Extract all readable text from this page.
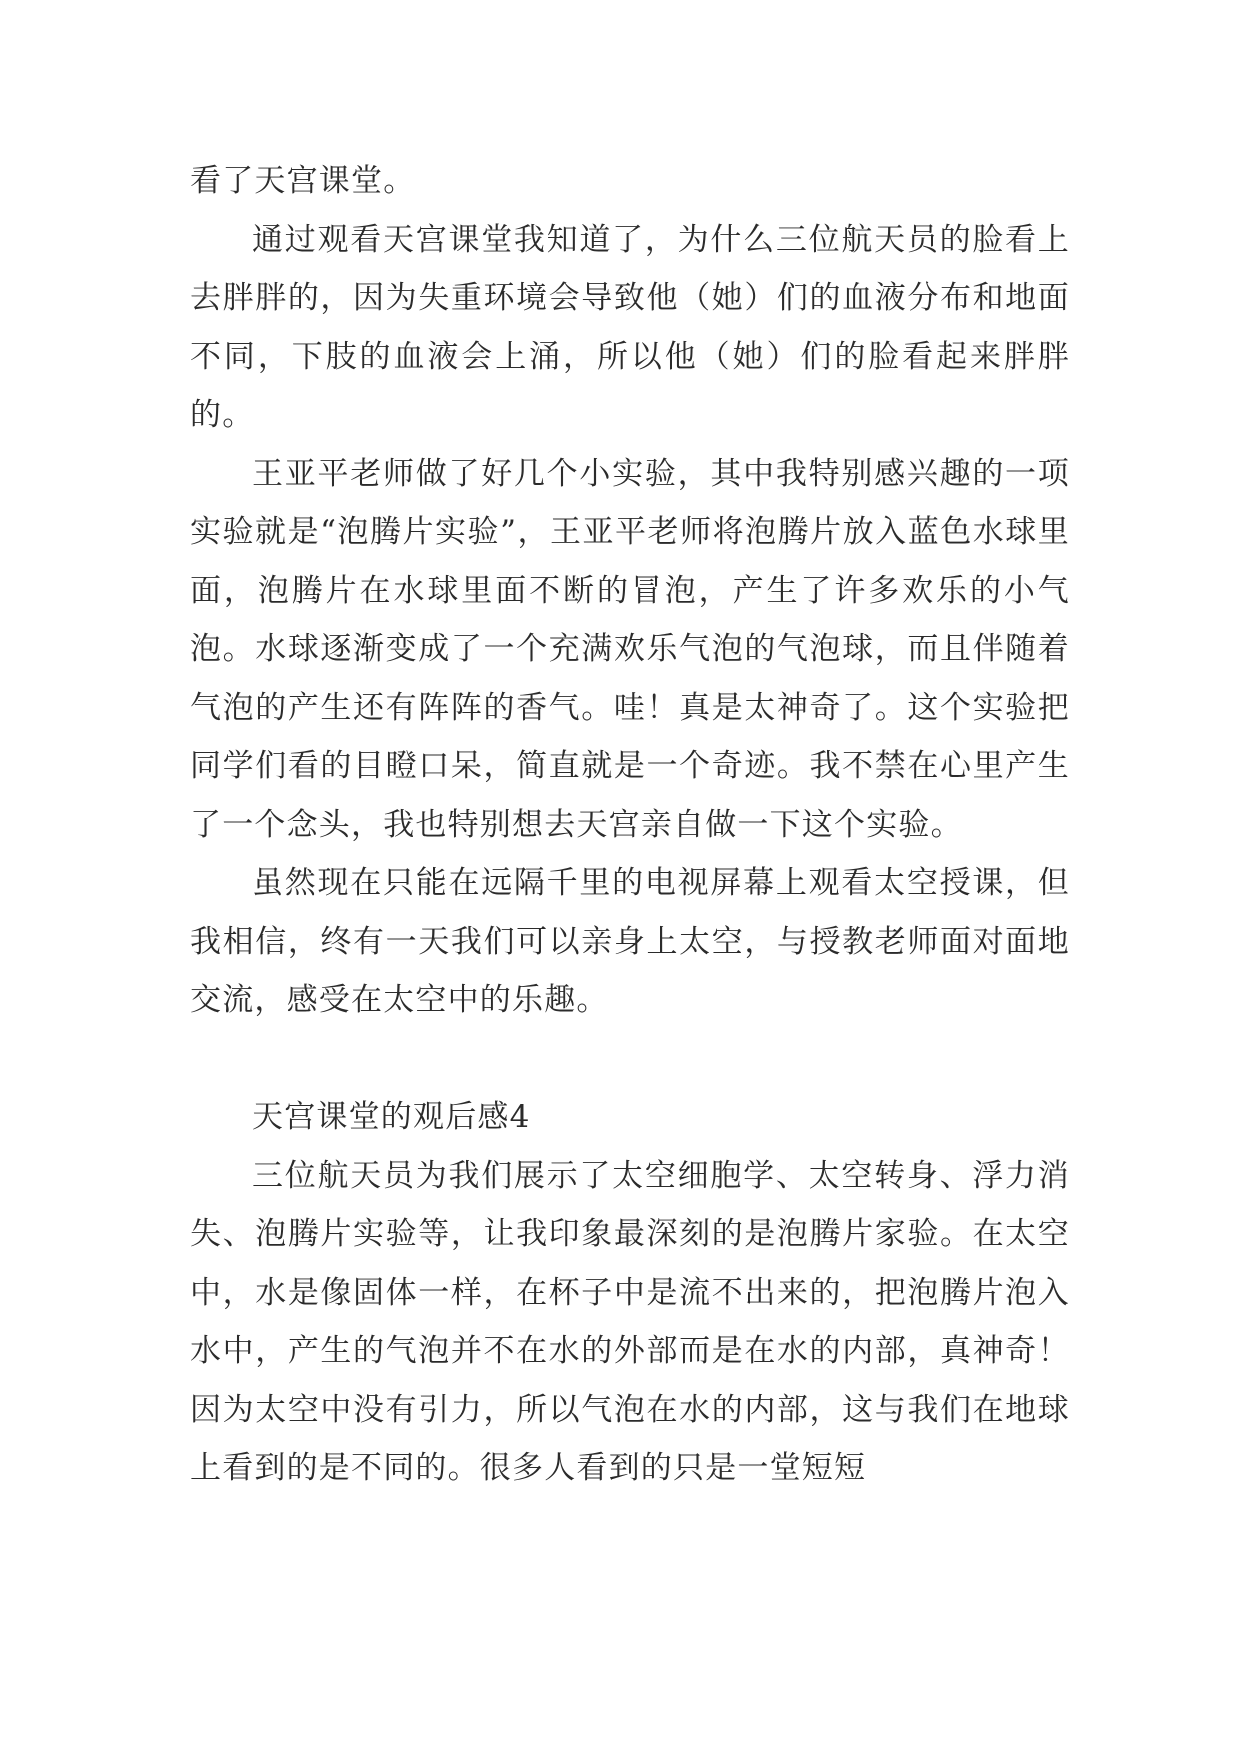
看了天宫课堂。

通过观看天宫课堂我知道了，为什么三位航天员的脸看上去胖胖的，因为失重环境会导致他（她）们的血液分布和地面不同，下肢的血液会上涌，所以他（她）们的脸看起来胖胖的。

王亚平老师做了好几个小实验，其中我特别感兴趣的一项实验就是“泡腾片实验”，王亚平老师将泡腾片放入蓝色水球里面，泡腾片在水球里面不断的冒泡，产生了许多欢乐的小气泡。水球逐渐变成了一个充满欢乐气泡的气泡球，而且伴随着气泡的产生还有阵阵的香气。哇！真是太神奇了。这个实验把同学们看的目瞪口呆，简直就是一个奇迹。我不禁在心里产生了一个念头，我也特别想去天宫亲自做一下这个实验。

虽然现在只能在远隔千里的电视屏幕上观看太空授课，但我相信，终有一天我们可以亲身上太空，与授教老师面对面地交流，感受在太空中的乐趣。

天宫课堂的观后感4

三位航天员为我们展示了太空细胞学、太空转身、浮力消失、泡腾片实验等，让我印象最深刻的是泡腾片家验。在太空中，水是像固体一样，在杯子中是流不出来的，把泡腾片泡入水中，产生的气泡并不在水的外部而是在水的内部，真神奇！因为太空中没有引力，所以气泡在水的内部，这与我们在地球上看到的是不同的。很多人看到的只是一堂短短
